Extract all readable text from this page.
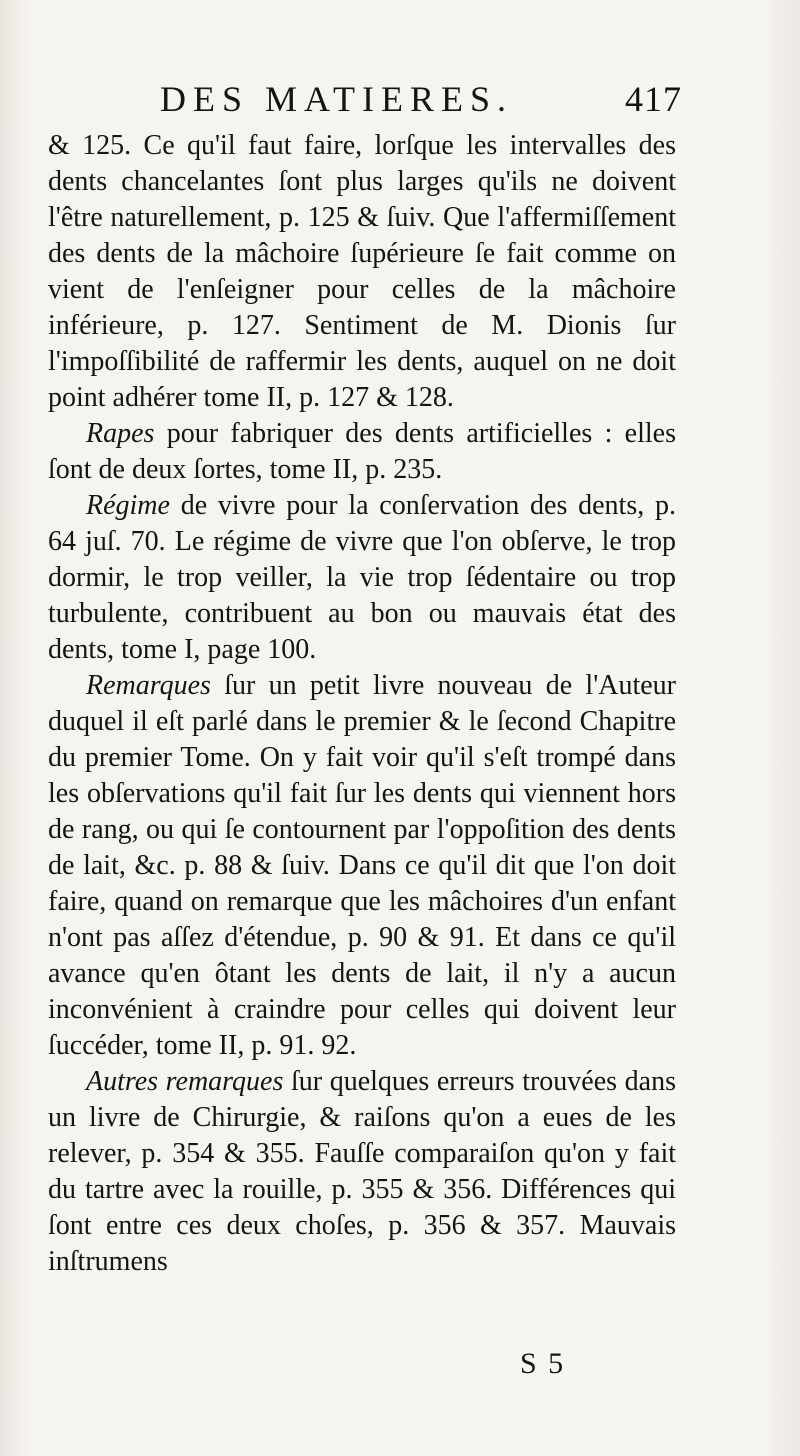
DES MATIERES.	417

& 125. Ce qu'il faut faire, lorſque les intervalles des dents chancelantes ſont plus larges qu'ils ne doivent l'être naturellement, p. 125 & ſuiv. Que l'affermiſſement des dents de la mâchoire ſupérieure ſe fait comme on vient de l'enſeigner pour celles de la mâchoire inférieure, p. 127. Sentiment de M. Dionis ſur l'impoſſibilité de raffermir les dents, auquel on ne doit point adhérer tome II, p. 127 & 128.

Rapes pour fabriquer des dents artificielles : elles ſont de deux ſortes, tome II, p. 235.

Régime de vivre pour la conſervation des dents, p. 64 juſ. 70. Le régime de vivre que l'on obſerve, le trop dormir, le trop veiller, la vie trop ſédentaire ou trop turbulente, contribuent au bon ou mauvais état des dents, tome I, page 100.

Remarques ſur un petit livre nouveau de l'Auteur duquel il eſt parlé dans le premier & le ſecond Chapitre du premier Tome. On y fait voir qu'il s'eſt trompé dans les obſervations qu'il fait ſur les dents qui viennent hors de rang, ou qui ſe contournent par l'oppoſition des dents de lait, &c. p. 88 & ſuiv. Dans ce qu'il dit que l'on doit faire, quand on remarque que les mâchoires d'un enfant n'ont pas aſſez d'étendue, p. 90 & 91. Et dans ce qu'il avance qu'en ôtant les dents de lait, il n'y a aucun inconvénient à craindre pour celles qui doivent leur ſuccéder, tome II, p. 91. 92.

Autres remarques ſur quelques erreurs trouvées dans un livre de Chirurgie, & raiſons qu'on a eues de les relever, p. 354 & 355. Fauſſe comparaiſon qu'on y fait du tartre avec la rouille, p. 355 & 356. Différences qui ſont entre ces deux choſes, p. 356 & 357. Mauvais inſtrumens

S 5
